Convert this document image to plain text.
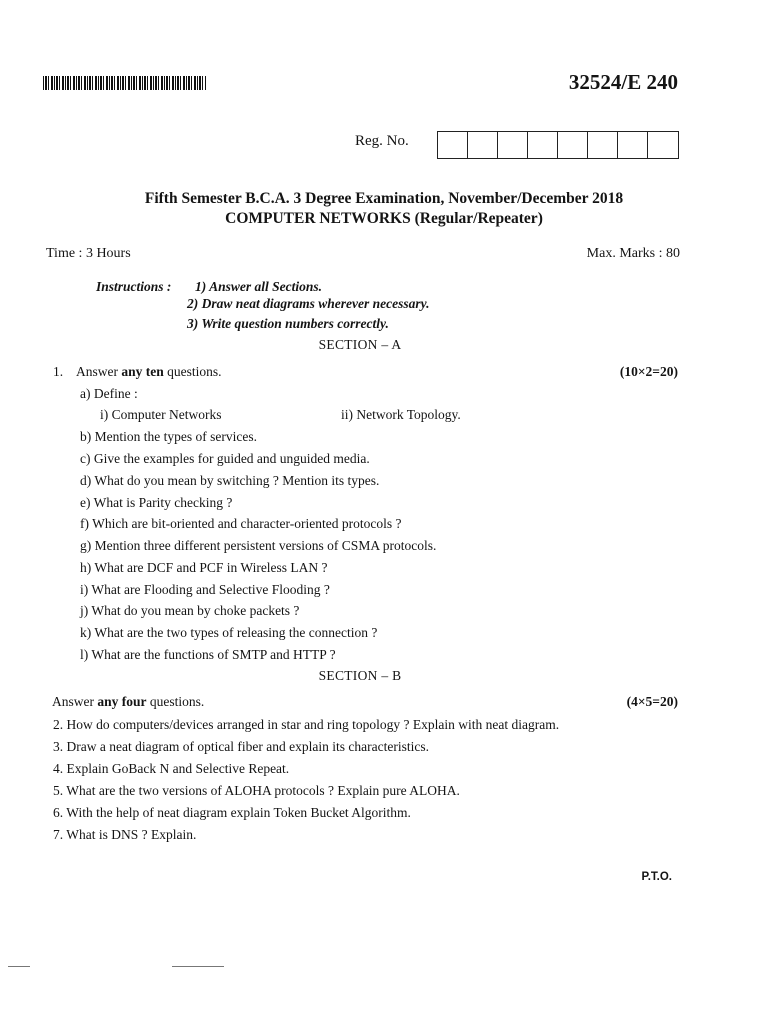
32524/E 240
Reg. No.
Fifth Semester B.C.A. 3 Degree Examination, November/December 2018
COMPUTER NETWORKS (Regular/Repeater)
Time : 3 Hours	Max. Marks : 80
Instructions : 1) Answer all Sections.
2) Draw neat diagrams wherever necessary.
3) Write question numbers correctly.
SECTION – A
1. Answer any ten questions.	(10×2=20)
a) Define :
i) Computer Networks	ii) Network Topology.
b) Mention the types of services.
c) Give the examples for guided and unguided media.
d) What do you mean by switching ? Mention its types.
e) What is Parity checking ?
f) Which are bit-oriented and character-oriented protocols ?
g) Mention three different persistent versions of CSMA protocols.
h) What are DCF and PCF in Wireless LAN ?
i) What are Flooding and Selective Flooding ?
j) What do you mean by choke packets ?
k) What are the two types of releasing the connection ?
l) What are the functions of SMTP and HTTP ?
SECTION – B
Answer any four questions.	(4×5=20)
2. How do computers/devices arranged in star and ring topology ? Explain with neat diagram.
3. Draw a neat diagram of optical fiber and explain its characteristics.
4. Explain GoBack N and Selective Repeat.
5. What are the two versions of ALOHA protocols ? Explain pure ALOHA.
6. With the help of neat diagram explain Token Bucket Algorithm.
7. What is DNS ? Explain.
P.T.O.
